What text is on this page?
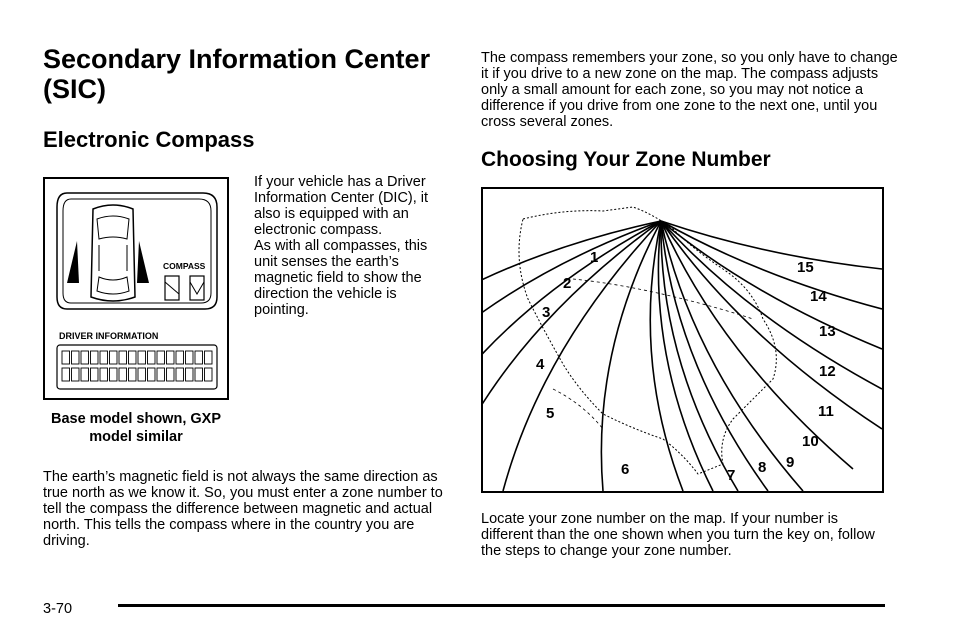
Secondary Information Center (SIC)
Electronic Compass
COMPASS
DRIVER INFORMATION
Base model shown, GXP model similar
If your vehicle has a Driver Information Center (DIC), it also is equipped with an electronic compass.
As with all compasses, this unit senses the earth’s magnetic field to show the direction the vehicle is pointing.
The earth’s magnetic field is not always the same direction as true north as we know it. So, you must enter a zone number to tell the compass the difference between magnetic and actual north. This tells the compass where in the country you are driving.
The compass remembers your zone, so you only have to change it if you drive to a new zone on the map. The compass adjusts only a small amount for each zone, so you may not notice a difference if you drive from one zone to the next one, until you cross several zones.
Choosing Your Zone Number
1
2
3
4
5
6	7 8 9
10
11
12
13
14
15
Locate your zone number on the map. If your number is different than the one shown when you turn the key on, follow the steps to change your zone number.
3-70
